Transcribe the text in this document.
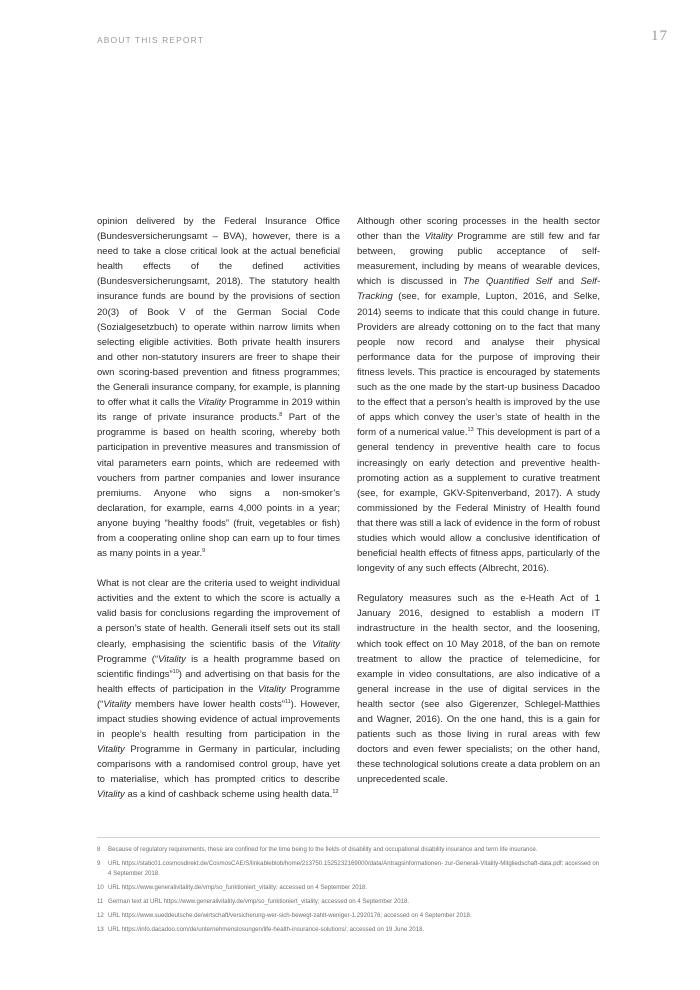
ABOUT THIS REPORT	17

opinion delivered by the Federal Insurance Office (Bundesversicherungsamt – BVA), however, there is a need to take a close critical look at the actual beneficial health effects of the defined activities (Bundesversicherungsamt, 2018). The statutory health insurance funds are bound by the provisions of section 20(3) of Book V of the German Social Code (Sozialgesetzbuch) to operate within narrow limits when selecting eligible activities. Both private health insurers and other non-statutory insurers are freer to shape their own scoring-based prevention and fitness programmes; the Generali insurance company, for example, is planning to offer what it calls the Vitality Programme in 2019 within its range of private insurance products.$^8$ Part of the programme is based on health scoring, whereby both participation in preventive measures and transmission of vital parameters earn points, which are redeemed with vouchers from partner companies and lower insurance premiums. Anyone who signs a non-smoker’s declaration, for example, earns 4,000 points in a year; anyone buying “healthy foods” (fruit, vegetables or fish) from a cooperating online shop can earn up to four times as many points in a year.$^9$

What is not clear are the criteria used to weight individual activities and the extent to which the score is actually a valid basis for conclusions regarding the improvement of a person’s state of health. Generali itself sets out its stall clearly, emphasising the scientific basis of the Vitality Programme (“Vitality is a health programme based on scientific findings”$^{10}$) and advertising on that basis for the health effects of participation in the Vitality Programme (“Vitality members have lower health costs”$^{11}$). However, impact studies showing evidence of actual improvements in people’s health resulting from participation in the Vitality Programme in Germany in particular, including comparisons with a randomised control group, have yet to materialise, which has prompted critics to describe Vitality as a kind of cashback scheme using health data.$^{12}$

Although other scoring processes in the health sector other than the Vitality Programme are still few and far between, growing public acceptance of self-measurement, including by means of wearable devices, which is discussed in The Quantified Self and Self-Tracking (see, for example, Lupton, 2016, and Selke, 2014) seems to indicate that this could change in future. Providers are already cottoning on to the fact that many people now record and analyse their physical performance data for the purpose of improving their fitness levels. This practice is encouraged by statements such as the one made by the start-up business Dacadoo to the effect that a person’s health is improved by the use of apps which convey the user’s state of health in the form of a numerical value.$^{13}$ This development is part of a general tendency in preventive health care to focus increasingly on early detection and preventive health-promoting action as a supplement to curative treatment (see, for example, GKV-Spitenverband, 2017). A study commissioned by the Federal Ministry of Health found that there was still a lack of evidence in the form of robust studies which would allow a conclusive identification of beneficial health effects of fitness apps, particularly of the longevity of any such effects (Albrecht, 2016).

Regulatory measures such as the e-Heath Act of 1 January 2016, designed to establish a modern IT indrastructure in the health sector, and the loosening, which took effect on 10 May 2018, of the ban on remote treatment to allow the practice of telemedicine, for example in video consultations, are also indicative of a general increase in the use of digital services in the health sector (see also Gigerenzer, Schlegel-Matthies and Wagner, 2016). On the one hand, this is a gain for patients such as those living in rural areas with few doctors and even fewer specialists; on the other hand, these technological solutions create a data problem on an unprecedented scale.

8	Because of regulatory requirements, these are confined for the time being to the fields of disability and occupational disability insurance and term life insurance.
9	URL https://static01.cosmosdirekt.de/CosmosCAE/S/linkableblob/home/213750.1525232169000/data/Antragsinformationen- zur-Generali-Vitality-Mitgliedschaft-data.pdf; accessed on 4 September 2018.
10 URL https://www.generalivitality.de/vmp/so_funktioniert_vitality; accessed on 4 September 2018.
11 German text at URL https://www.generalivitality.de/vmp/so_funktioniert_vitality; accessed on 4 September 2018.
12 URL https://www.sueddeutsche.de/wirtschaft/versicherung-wer-sich-bewegt-zahlt-weniger-1.2920176; accessed on 4 September 2018.
13 URL https://info.dacadoo.com/de/unternehmenslosungen/life-health-insurance-solutions/; accessed on 19 June 2018.
